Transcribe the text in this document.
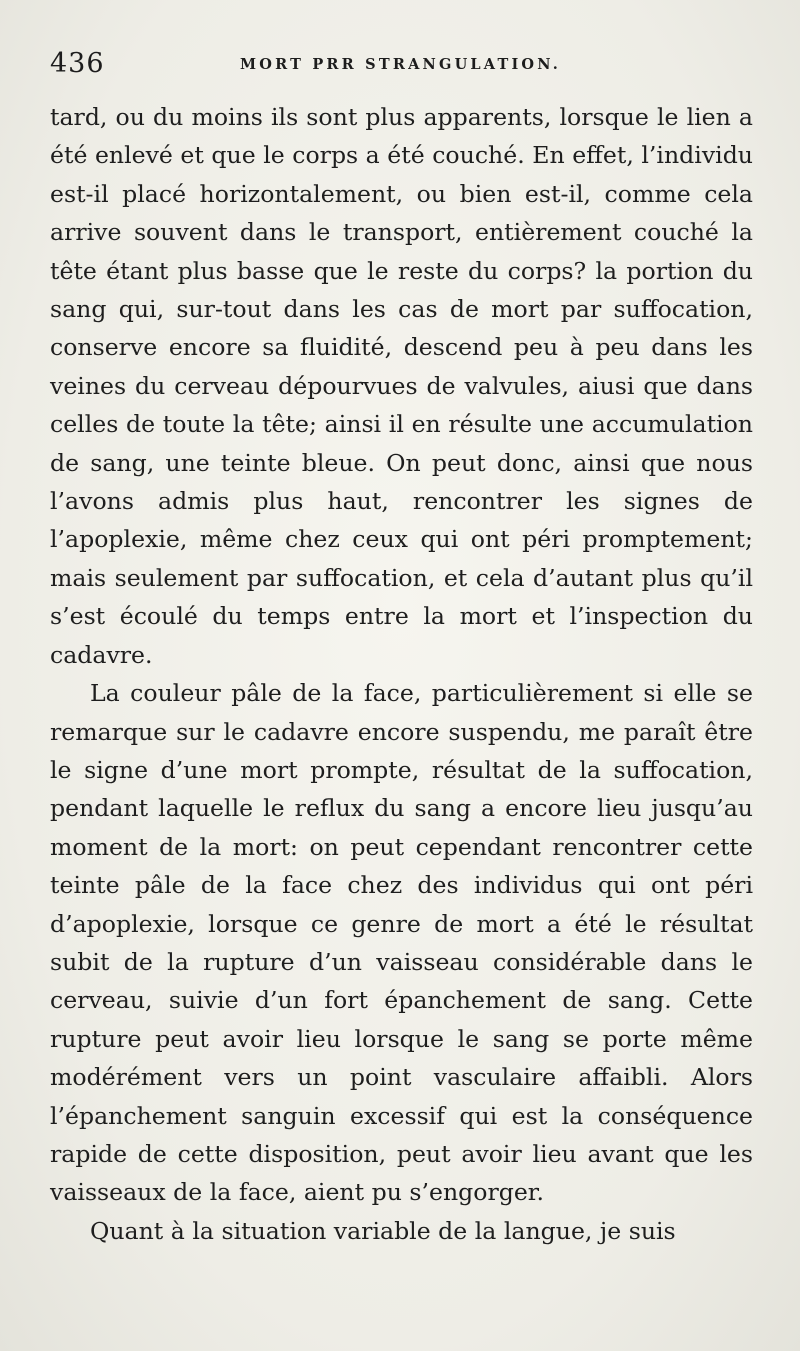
436	MORT PRR STRANGULATION.

tard, ou du moins ils sont plus apparents, lorsque le lien a été enlevé et que le corps a été couché. En effet, l’individu est-il placé horizontalement, ou bien est-il, comme cela arrive souvent dans le transport, entièrement couché la tête étant plus basse que le reste du corps? la portion du sang qui, sur-tout dans les cas de mort par suffocation, conserve encore sa fluidité, descend peu à peu dans les veines du cerveau dépourvues de valvules, aiusi que dans celles de toute la tête; ainsi il en résulte une accumulation de sang, une teinte bleue. On peut donc, ainsi que nous l’avons admis plus haut, rencontrer les signes de l’apoplexie, même chez ceux qui ont péri promptement; mais seulement par suffocation, et cela d’autant plus qu’il s’est écoulé du temps entre la mort et l’inspection du cadavre.

La couleur pâle de la face, particulièrement si elle se remarque sur le cadavre encore suspendu, me paraît être le signe d’une mort prompte, résultat de la suffocation, pendant laquelle le reflux du sang a encore lieu jusqu’au moment de la mort: on peut cependant rencontrer cette teinte pâle de la face chez des individus qui ont péri d’apoplexie, lorsque ce genre de mort a été le résultat subit de la rupture d’un vaisseau considérable dans le cerveau, suivie d’un fort épanchement de sang. Cette rupture peut avoir lieu lorsque le sang se porte même modérément vers un point vasculaire affaibli. Alors l’épanchement sanguin excessif qui est la conséquence rapide de cette disposition, peut avoir lieu avant que les vaisseaux de la face, aient pu s’engorger.

Quant à la situation variable de la langue, je suis
